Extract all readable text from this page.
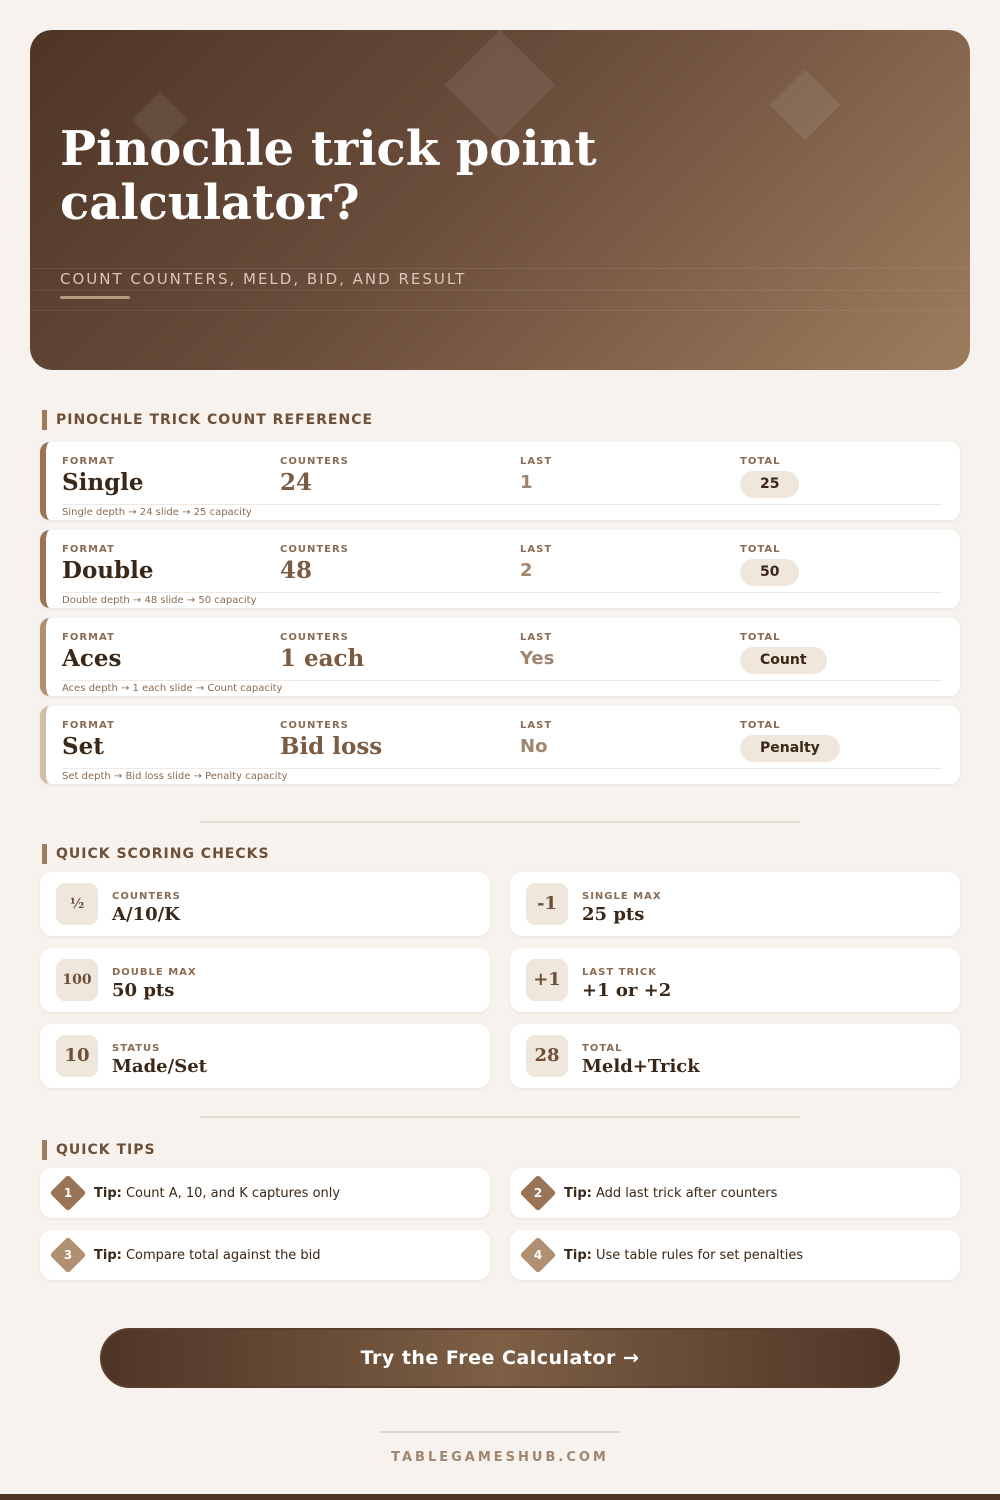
Pinochle trick point calculator?
COUNT COUNTERS, MELD, BID, AND RESULT
PINOCHLE TRICK COUNT REFERENCE
FORMAT
Single
COUNTERS
24
LAST
1
TOTAL
25
Single depth → 24 slide → 25 capacity
FORMAT
Double
COUNTERS
48
LAST
2
TOTAL
50
Double depth → 48 slide → 50 capacity
FORMAT
Aces
COUNTERS
1 each
LAST
Yes
TOTAL
Count
Aces depth → 1 each slide → Count capacity
FORMAT
Set
COUNTERS
Bid loss
LAST
No
TOTAL
Penalty
Set depth → Bid loss slide → Penalty capacity
QUICK SCORING CHECKS
½	COUNTERS
A/10/K
-1	SINGLE MAX
25 pts
100	DOUBLE MAX
50 pts
+1	LAST TRICK
+1 or +2
10	STATUS
Made/Set
28	TOTAL
Meld+Trick
QUICK TIPS
1	Tip: Count A, 10, and K captures only	2	Tip: Add last trick after counters
3	Tip: Compare total against the bid	4	Tip: Use table rules for set penalties
Try the Free Calculator →
TABLEGAMESHUB.COM
